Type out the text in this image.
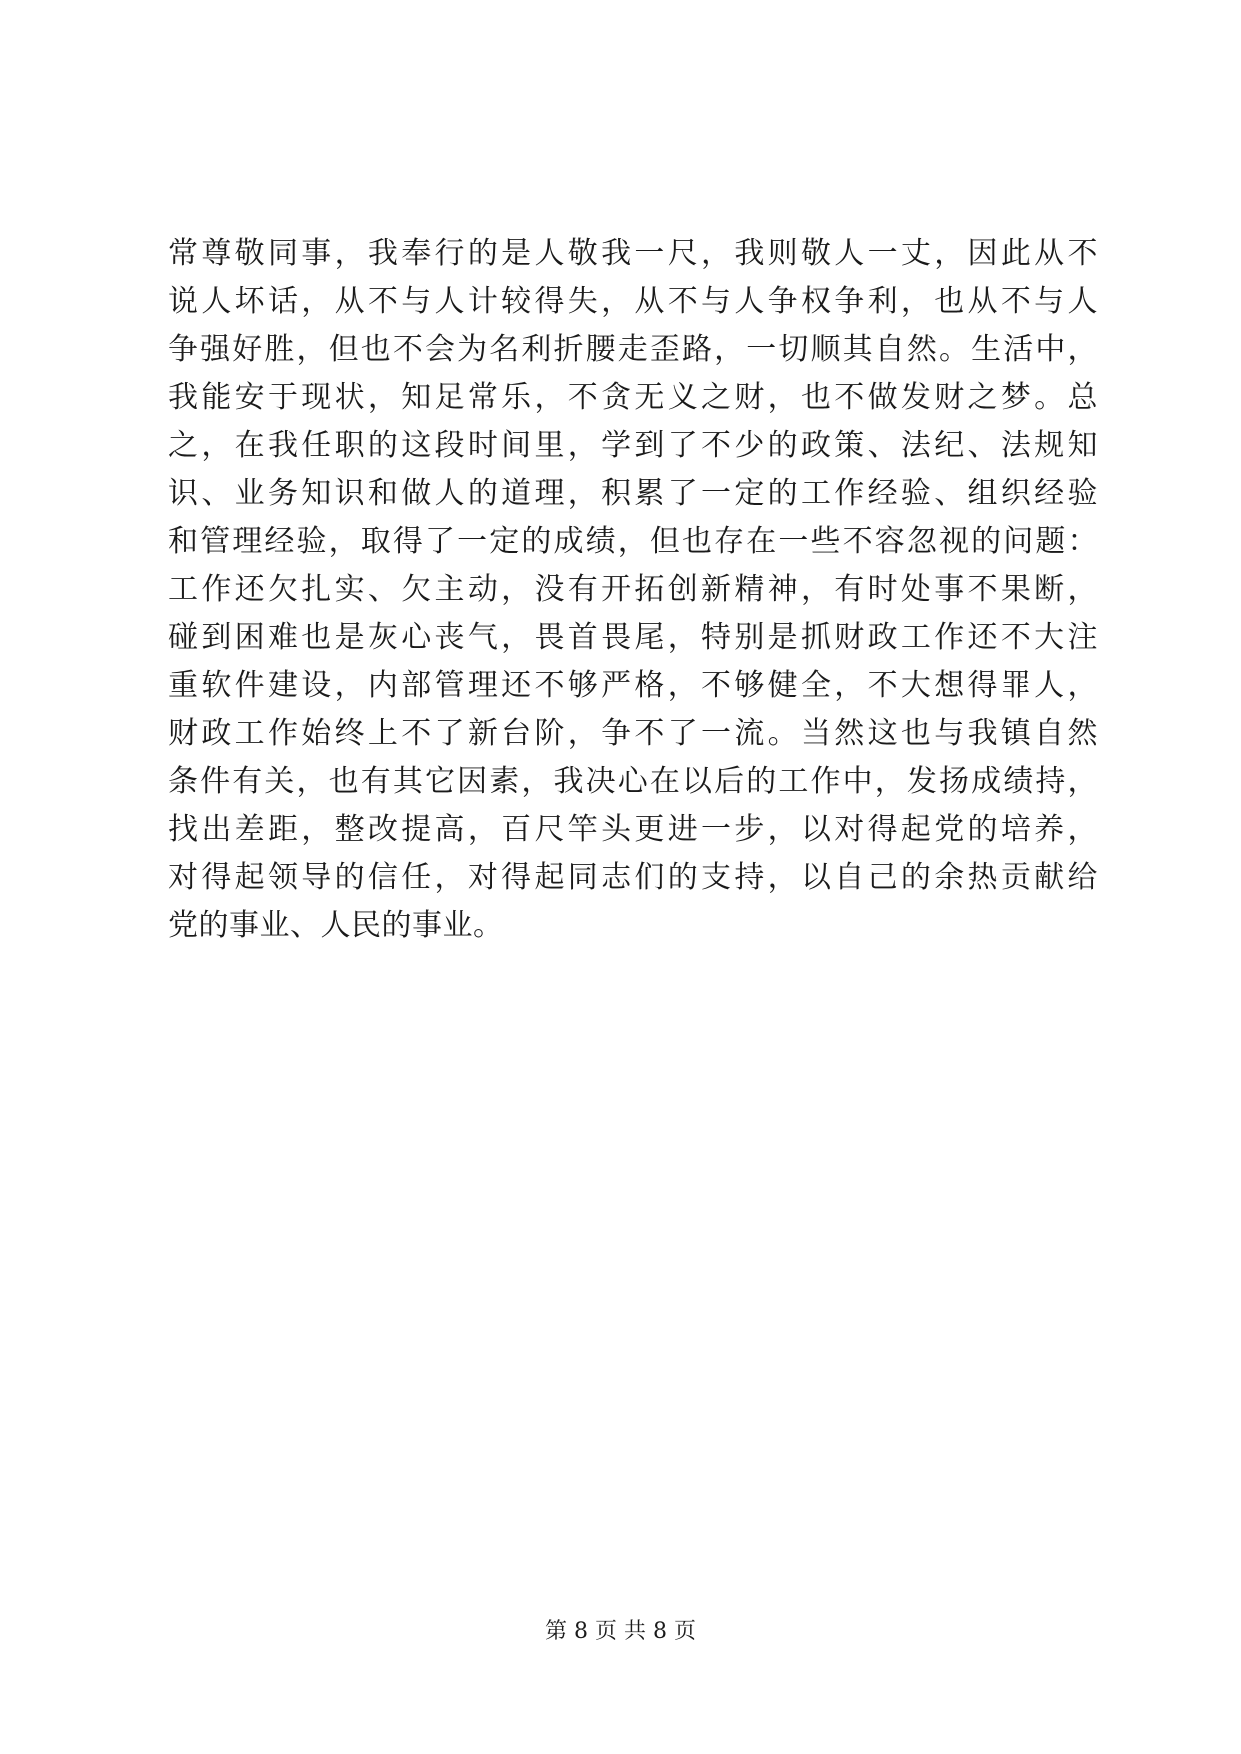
常尊敬同事，我奉行的是人敬我一尺，我则敬人一丈，因此从不
说人坏话，从不与人计较得失，从不与人争权争利，也从不与人
争强好胜，但也不会为名利折腰走歪路，一切顺其自然。生活中，
我能安于现状，知足常乐，不贪无义之财，也不做发财之梦。总
之，在我任职的这段时间里，学到了不少的政策、法纪、法规知
识、业务知识和做人的道理，积累了一定的工作经验、组织经验
和管理经验，取得了一定的成绩，但也存在一些不容忽视的问题：
工作还欠扎实、欠主动，没有开拓创新精神，有时处事不果断，
碰到困难也是灰心丧气，畏首畏尾，特别是抓财政工作还不大注
重软件建设，内部管理还不够严格，不够健全，不大想得罪人，
财政工作始终上不了新台阶，争不了一流。当然这也与我镇自然
条件有关，也有其它因素，我决心在以后的工作中，发扬成绩持，
找出差距，整改提高，百尺竿头更进一步，以对得起党的培养，
对得起领导的信任，对得起同志们的支持，以自己的余热贡献给
党的事业、人民的事业。
第 8 页 共 8 页
